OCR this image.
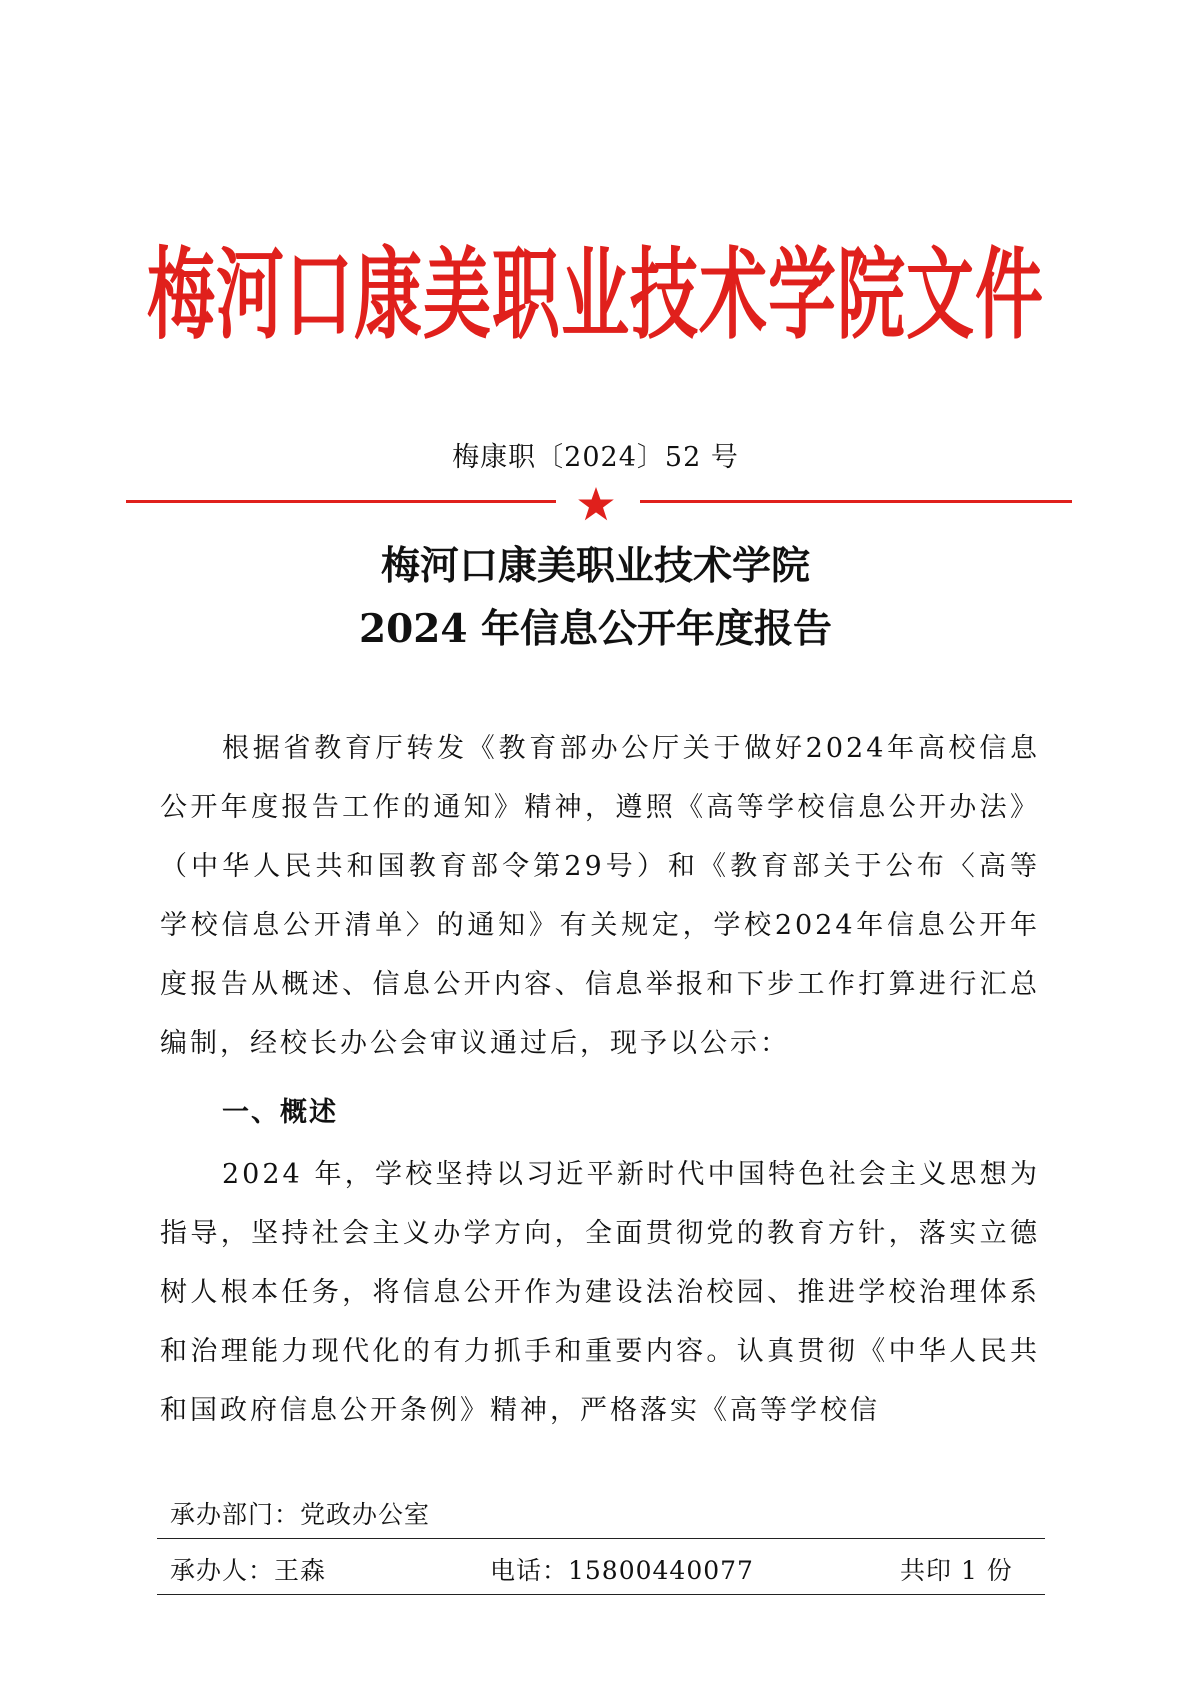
梅河口康美职业技术学院文件
梅康职〔2024〕52 号
梅河口康美职业技术学院
2024 年信息公开年度报告

根据省教育厅转发《教育部办公厅关于做好2024年高校信息公开年度报告工作的通知》精神，遵照《高等学校信息公开办法》（中华人民共和国教育部令第29号）和《教育部关于公布〈高等学校信息公开清单〉的通知》有关规定，学校2024年信息公开年度报告从概述、信息公开内容、信息举报和下步工作打算进行汇总编制，经校长办公会审议通过后，现予以公示：

一、概述

2024 年，学校坚持以习近平新时代中国特色社会主义思想为指导，坚持社会主义办学方向，全面贯彻党的教育方针，落实立德树人根本任务，将信息公开作为建设法治校园、推进学校治理体系和治理能力现代化的有力抓手和重要内容。认真贯彻《中华人民共和国政府信息公开条例》精神，严格落实《高等学校信

承办部门：党政办公室
承办人：王森	电话：15800440077	共印 1 份
